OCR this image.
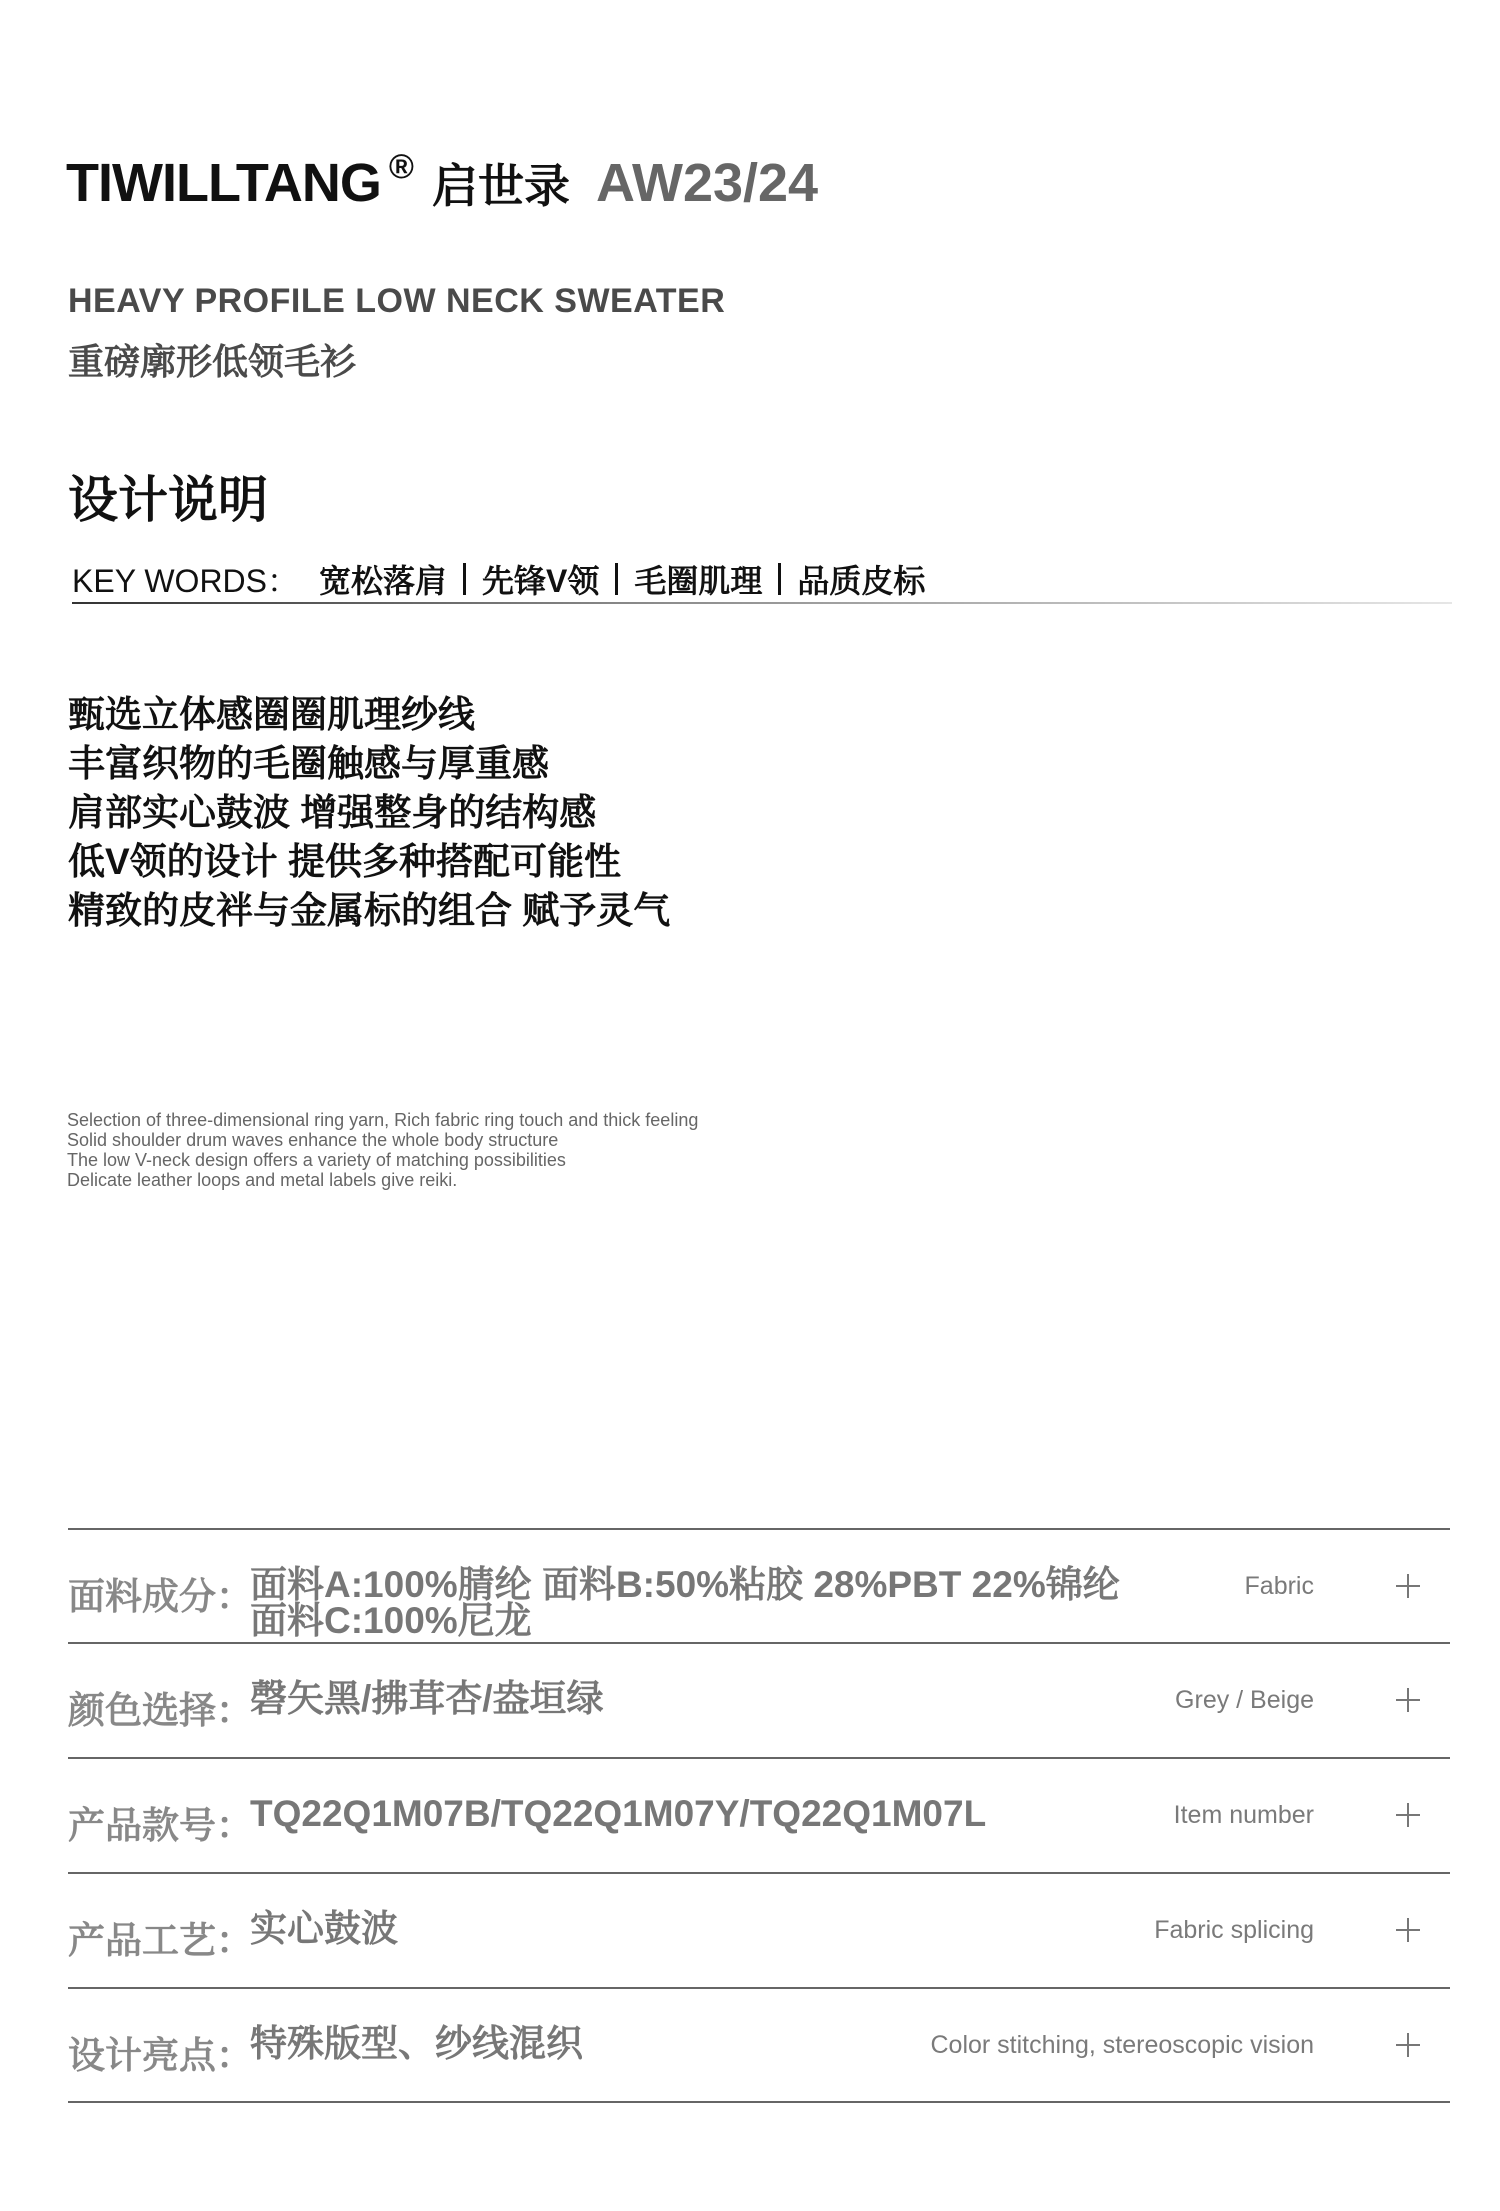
TIWILLTANG ® 启世录 AW23/24
HEAVY PROFILE LOW NECK SWEATER
重磅廓形低领毛衫
设计说明
KEY WORDS： 宽松落肩 先锋V领 毛圈肌理 品质皮标
甄选立体感圈圈肌理纱线
丰富织物的毛圈触感与厚重感
肩部实心鼓波 增强整身的结构感
低V领的设计 提供多种搭配可能性
精致的皮袢与金属标的组合 赋予灵气
Selection of three-dimensional ring yarn, Rich fabric ring touch and thick feeling
Solid shoulder drum waves enhance the whole body structure
The low V-neck design offers a variety of matching possibilities
Delicate leather loops and metal labels give reiki.
面料成分：
面料A:100%腈纶 面料B:50%粘胶 28%PBT 22%锦纶
面料C:100%尼龙
Fabric
颜色选择：
磬矢黑/拂茸杏/盎垣绿	Grey / Beige
产品款号：
TQ22Q1M07B/TQ22Q1M07Y/TQ22Q1M07L	Item number
产品工艺：
实心鼓波	Fabric splicing
设计亮点：
特殊版型、纱线混织	Color stitching, stereoscopic vision
